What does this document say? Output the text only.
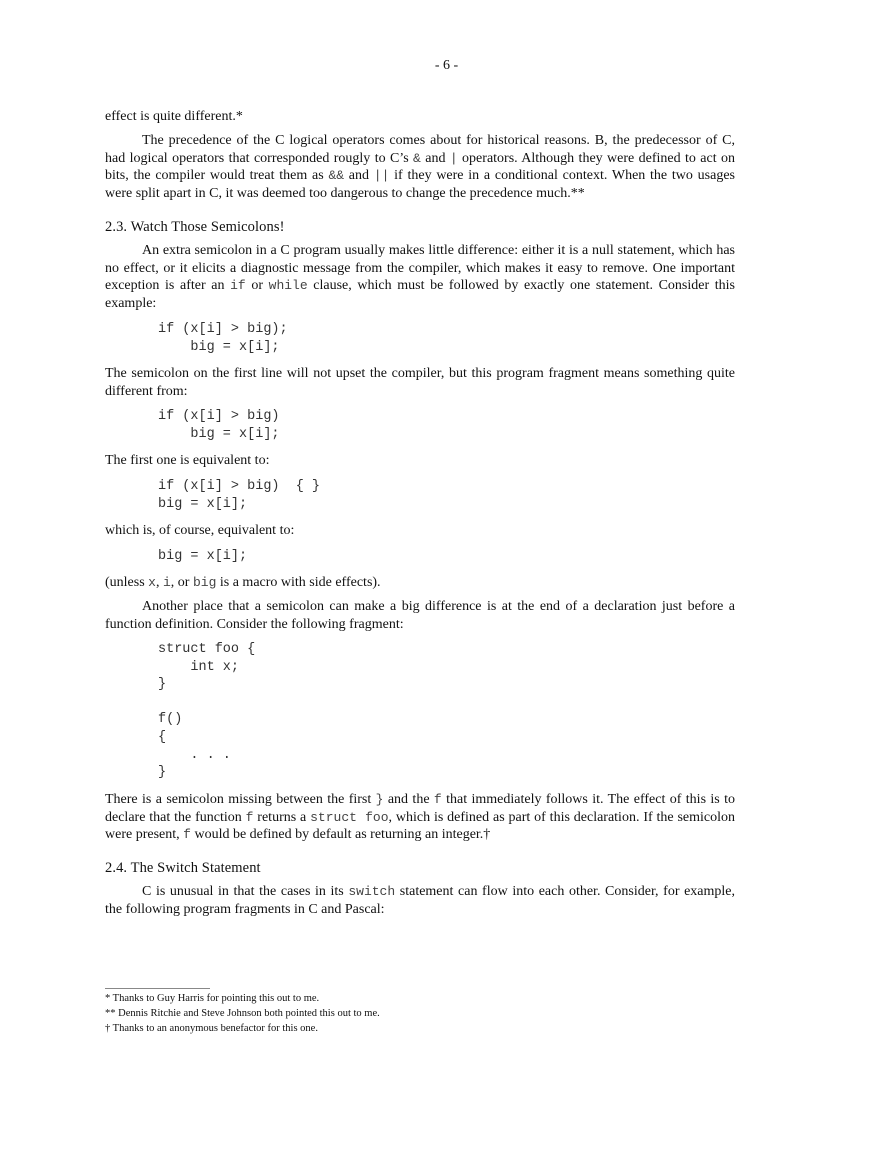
- 6 -
effect is quite different.*
The precedence of the C logical operators comes about for historical reasons. B, the predecessor of C, had logical operators that corresponded rougly to C’s & and | operators. Although they were defined to act on bits, the compiler would treat them as && and || if they were in a conditional context. When the two usages were split apart in C, it was deemed too dangerous to change the precedence much.**
2.3. Watch Those Semicolons!
An extra semicolon in a C program usually makes little difference: either it is a null statement, which has no effect, or it elicits a diagnostic message from the compiler, which makes it easy to remove. One important exception is after an if or while clause, which must be followed by exactly one statement. Consider this example:
if (x[i] > big);
big = x[i];
The semicolon on the first line will not upset the compiler, but this program fragment means something quite different from:
if (x[i] > big)
big = x[i];
The first one is equivalent to:
if (x[i] > big)  { }
big = x[i];
which is, of course, equivalent to:
big = x[i];
(unless x, i, or big is a macro with side effects).
Another place that a semicolon can make a big difference is at the end of a declaration just before a function definition. Consider the following fragment:
struct foo {
int x;
}

f()
{
. . .
}
There is a semicolon missing between the first } and the f that immediately follows it. The effect of this is to declare that the function f returns a struct foo, which is defined as part of this declaration. If the semicolon were present, f would be defined by default as returning an integer.†
2.4. The Switch Statement
C is unusual in that the cases in its switch statement can flow into each other. Consider, for example, the following program fragments in C and Pascal:
* Thanks to Guy Harris for pointing this out to me.
** Dennis Ritchie and Steve Johnson both pointed this out to me.
† Thanks to an anonymous benefactor for this one.
